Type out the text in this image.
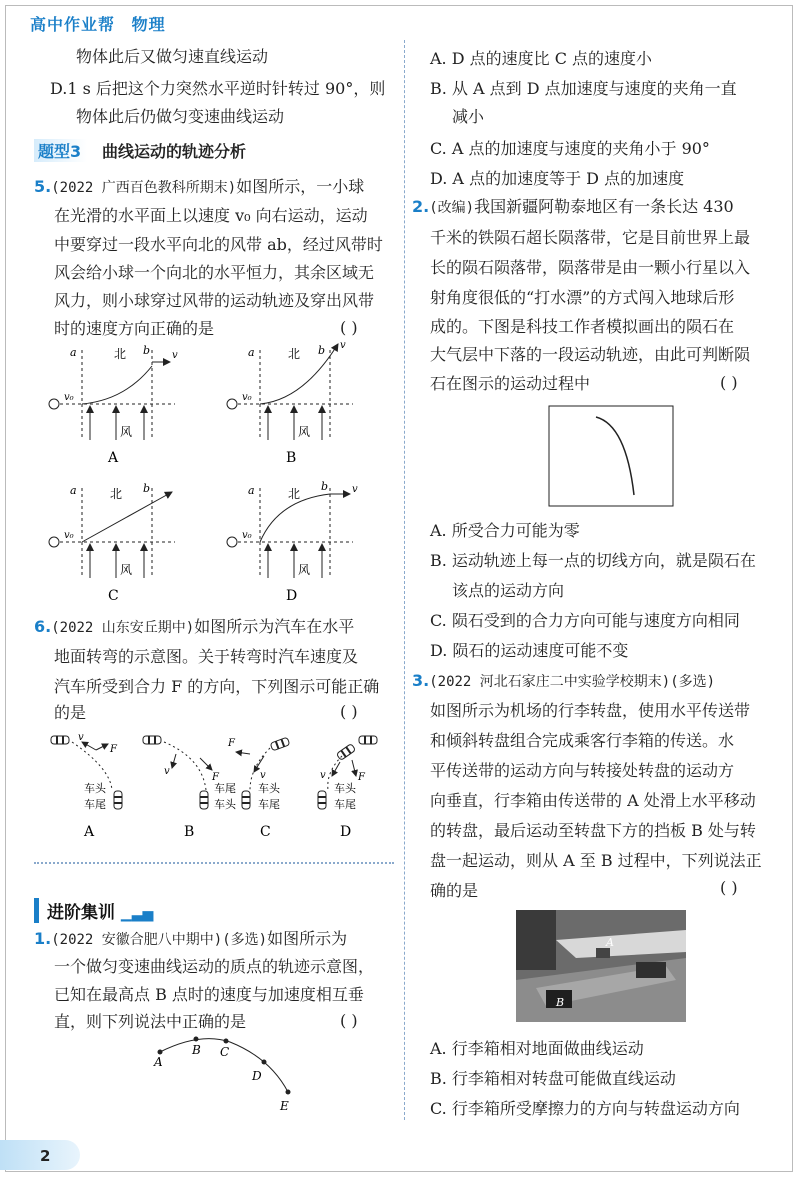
高中作业帮 物理
物体此后又做匀速直线运动
D.1 s 后把这个力突然水平逆时针转过 90°，则
物体此后仍做匀变速曲线运动
题型3	曲线运动的轨迹分析
5.(2022 广西百色教科所期末)如图所示，一小球
在光滑的水平面上以速度 v₀ 向右运动，运动
中要穿过一段水平向北的风带 ab，经过风带时
风会给小球一个向北的水平恒力，其余区域无
风力，则小球穿过风带的运动轨迹及穿出风带
时的速度方向正确的是	( )
a	b
北
风
v
v₀
A
a	b
北
风
v
v₀
B
a	b
北
风
v₀
C
a	b
北
风
v
v₀
D
6.(2022 山东安丘期中)如图所示为汽车在水平
地面转弯的示意图。关于转弯时汽车速度及
汽车所受到合力 F 的方向，下列图示可能正确
的是	( )
v
F
车头
车尾
A
v
F
车尾
车头
B
F
v
车头
车尾
C
v	F
车头
车尾
D
进阶集训 ▁▃▅
1.(2022 安徽合肥八中期中)(多选)如图所示为
一个做匀变速曲线运动的质点的轨迹示意图，
已知在最高点 B 点时的速度与加速度相互垂
直，则下列说法中正确的是	( )
A
B C
D
E
2
A. D 点的速度比 C 点的速度小
B. 从 A 点到 D 点加速度与速度的夹角一直
减小
C. A 点的加速度与速度的夹角小于 90°
D. A 点的加速度等于 D 点的加速度
2.(改编)我国新疆阿勒泰地区有一条长达 430
千米的铁陨石超长陨落带，它是目前世界上最
长的陨石陨落带，陨落带是由一颗小行星以入
射角度很低的“打水漂”的方式闯入地球后形
成的。下图是科技工作者模拟画出的陨石在
大气层中下落的一段运动轨迹，由此可判断陨
石在图示的运动过程中	( )
A. 所受合力可能为零
B. 运动轨迹上每一点的切线方向，就是陨石在
该点的运动方向
C. 陨石受到的合力方向可能与速度方向相同
D. 陨石的运动速度可能不变
3.(2022 河北石家庄二中实验学校期末)(多选)
如图所示为机场的行李转盘，使用水平传送带
和倾斜转盘组合完成乘客行李箱的传送。水
平传送带的运动方向与转接处转盘的运动方
向垂直，行李箱由传送带的 A 处滑上水平移动
的转盘，最后运动至转盘下方的挡板 B 处与转
盘一起运动，则从 A 至 B 过程中，下列说法正
确的是	( )
A
B
A. 行李箱相对地面做曲线运动
B. 行李箱相对转盘可能做直线运动
C. 行李箱所受摩擦力的方向与转盘运动方向
